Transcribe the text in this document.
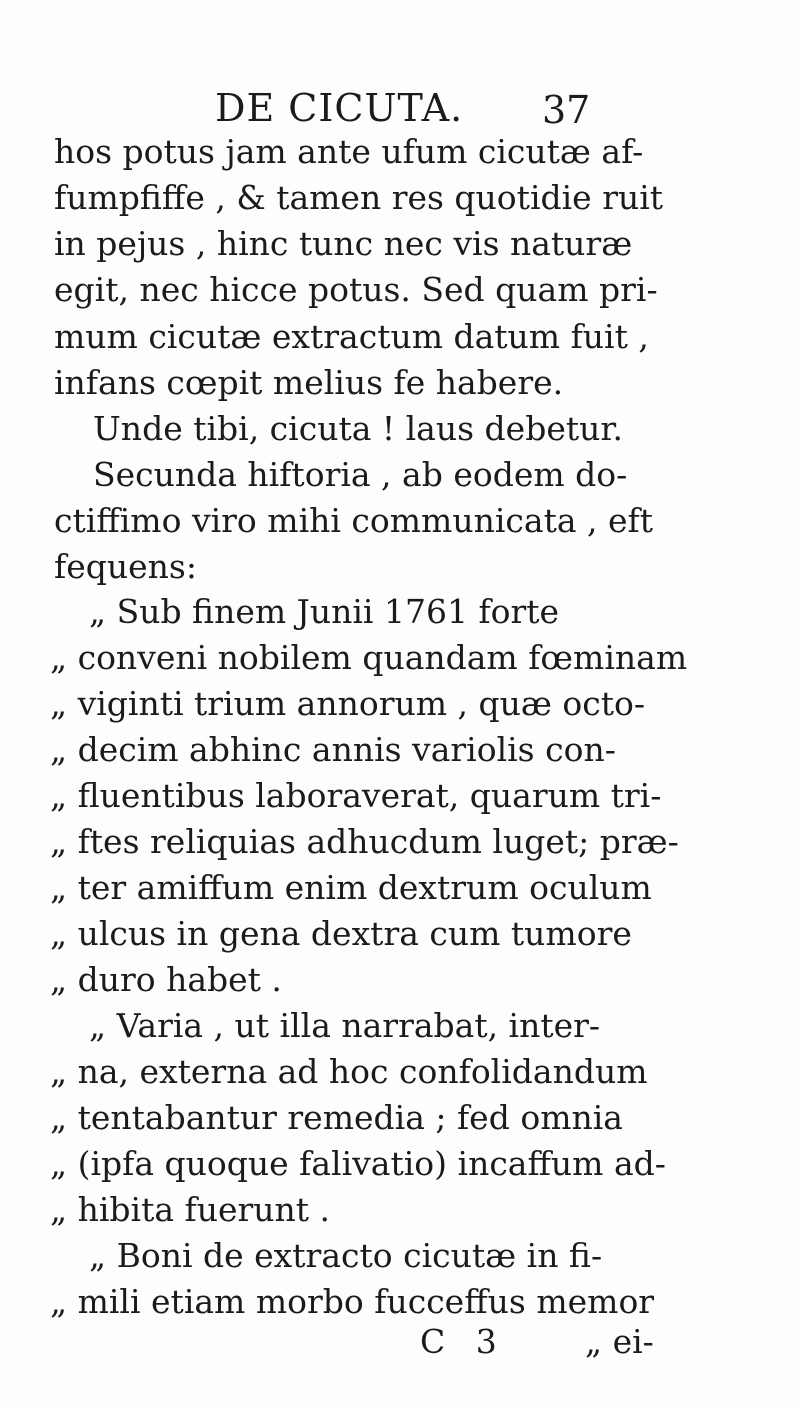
DE CICUTA. 37
hos potus jam ante ufum cicutæ af-
fumpfiffe , & tamen res quotidie ruit
in pejus , hinc tunc nec vis naturæ
egit, nec hicce potus. Sed quam pri-
mum cicutæ extractum datum fuit ,
infans cœpit melius fe habere.
Unde tibi, cicuta ! laus debetur.
Secunda hiftoria , ab eodem do-
ctiffimo viro mihi communicata , eft
fequens:
„ Sub finem Junii 1761 forte
„ conveni nobilem quandam fœminam
„ viginti trium annorum , quæ octo-
„ decim abhinc annis variolis con-
„ fluentibus laboraverat, quarum tri-
„ ftes reliquias adhucdum luget; præ-
„ ter amiffum enim dextrum oculum
„ ulcus in gena dextra cum tumore
„ duro habet .
„ Varia , ut illa narrabat, inter-
„ na, externa ad hoc confolidandum
„ tentabantur remedia ; fed omnia
„ (ipfa quoque falivatio) incaffum ad-
„ hibita fuerunt .
„ Boni de extracto cicutæ in fi-
„ mili etiam morbo fucceffus memor
C 3 „ ei-
